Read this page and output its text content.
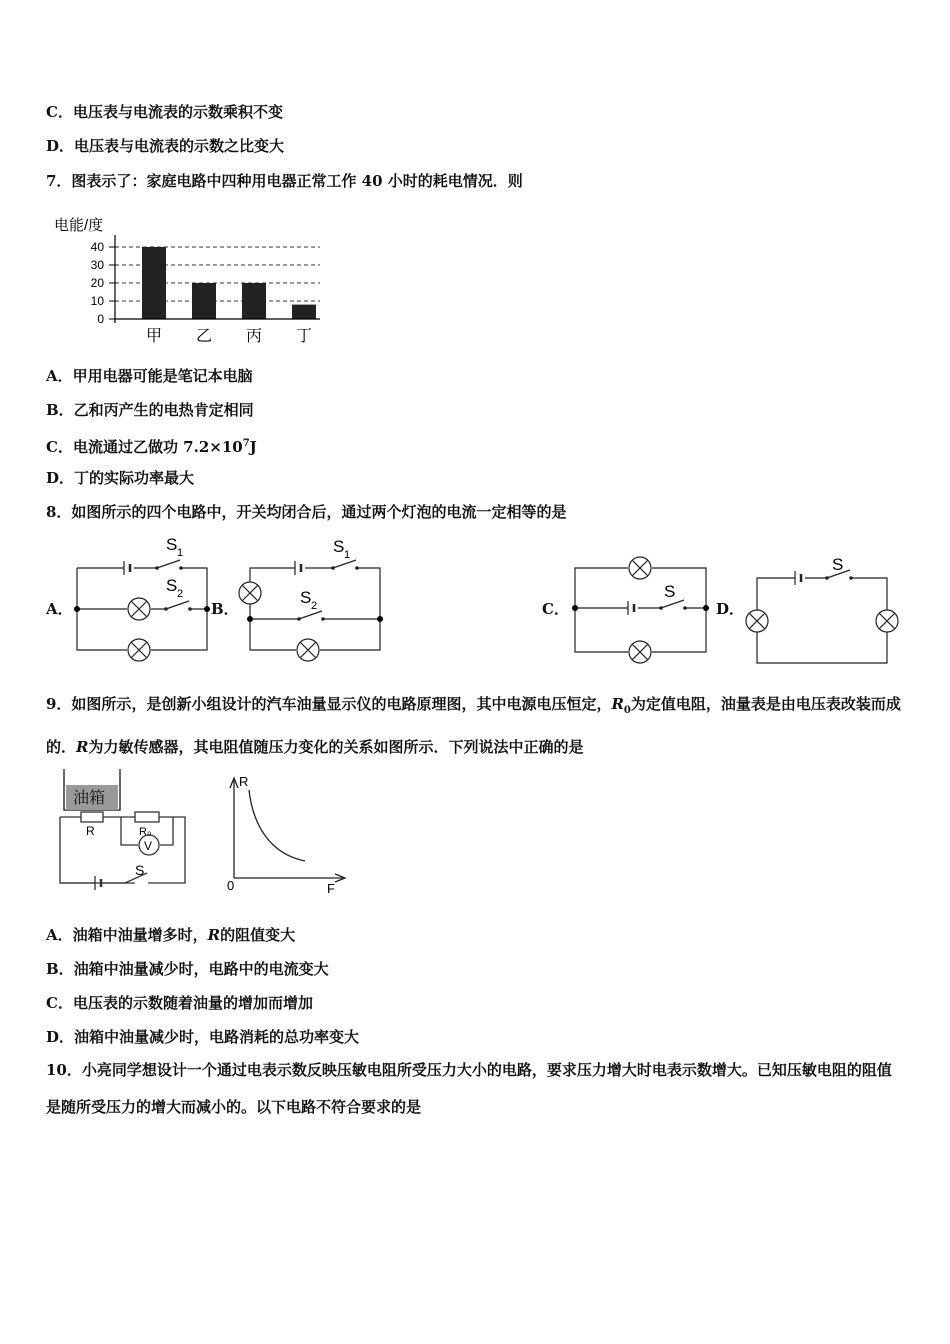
C．电压表与电流表的示数乘积不变
D．电压表与电流表的示数之比变大
7．图表示了：家庭电路中四种用电器正常工作 40 小时的耗电情况．则
电能/度
0
10
20
30
40
甲 乙 丙 丁
A．甲用电器可能是笔记本电脑
B．乙和丙产生的电热肯定相同
C．电流通过乙做功 $7.2\times 10^7J$
D．丁的实际功率最大
8．如图所示的四个电路中，开关均闭合后，通过两个灯泡的电流一定相等的是
A．	B．	C．	D．
S 1
S 2
S 1
S 2
S
S
9．如图所示，是创新小组设计的汽车油量显示仪的电路原理图，其中电源电压恒定，$R_0$为定值电阻，油量表是由电压表改装而成的．R为力敏传感器，其电阻值随压力变化的关系如图所示．下列说法中正确的是
油箱
R	R₀
V
S
R
0	F
A．油箱中油量增多时，R的阻值变大
B．油箱中油量减少时，电路中的电流变大
C．电压表的示数随着油量的增加而增加
D．油箱中油量减少时，电路消耗的总功率变大
10．小亮同学想设计一个通过电表示数反映压敏电阻所受压力大小的电路，要求压力增大时电表示数增大。已知压敏电阻的阻值是随所受压力的增大而减小的。以下电路不符合要求的是
